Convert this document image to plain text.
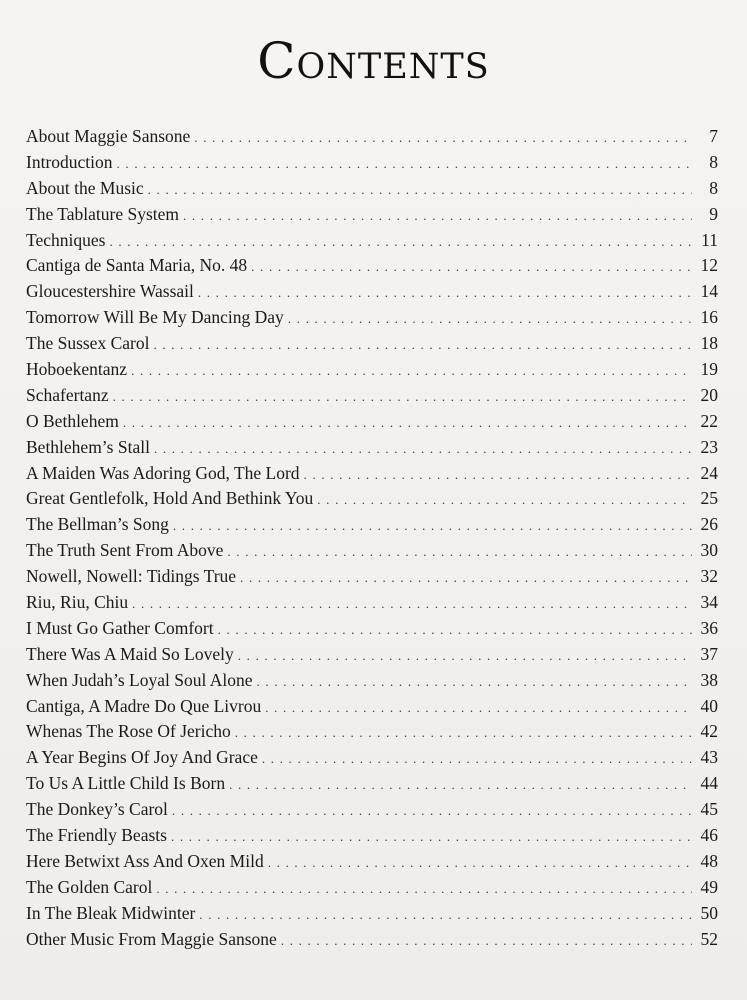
Contents
About Maggie Sansone . . .	7
Introduction . . .	8
About the Music . . .	8
The Tablature System . . .	9
Techniques . . .	11
Cantiga de Santa Maria, No. 48 . . .	12
Gloucestershire Wassail . . .	14
Tomorrow Will Be My Dancing Day . . .	16
The Sussex Carol . . .	18
Hoboekentanz . . .	19
Schafertanz . . .	20
O Bethlehem . . .	22
Bethlehem’s Stall . . .	23
A Maiden Was Adoring God, The Lord . . .	24
Great Gentlefolk, Hold And Bethink You . . .	25
The Bellman’s Song . . .	26
The Truth Sent From Above . . .	30
Nowell, Nowell: Tidings True . . .	32
Riu, Riu, Chiu . . .	34
I Must Go Gather Comfort . . .	36
There Was A Maid So Lovely . . .	37
When Judah’s Loyal Soul Alone . . .	38
Cantiga, A Madre Do Que Livrou . . .	40
Whenas The Rose Of Jericho . . .	42
A Year Begins Of Joy And Grace . . .	43
To Us A Little Child Is Born . . .	44
The Donkey’s Carol . . .	45
The Friendly Beasts . . .	46
Here Betwixt Ass And Oxen Mild . . .	48
The Golden Carol . . .	49
In The Bleak Midwinter . . .	50
Other Music From Maggie Sansone . . .	52
